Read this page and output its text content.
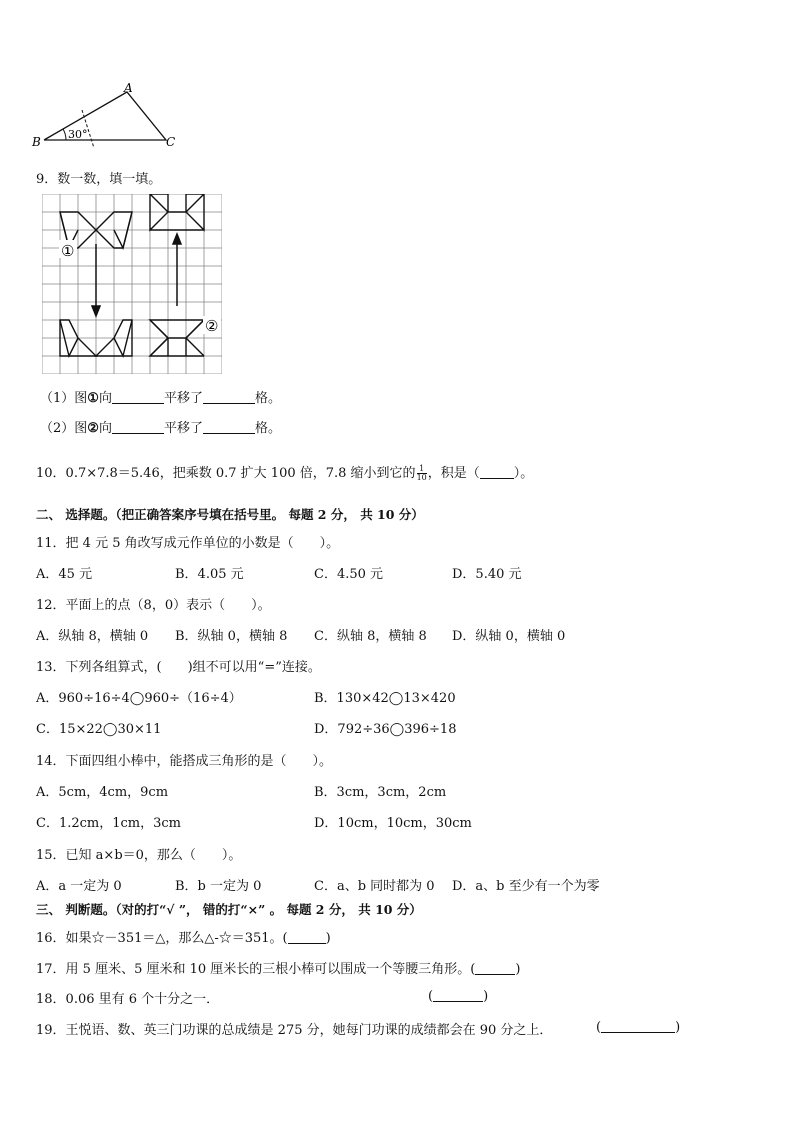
A
B	C
30°
9．数一数，填一填。
①
②
（1）图①向	平移了	格。
（2）图②向	平移了	格。
10．0.7×7.8＝5.46，把乘数 0.7 扩大 100 倍，7.8 缩小到它的 $\frac{1}{10}$ ，积是（	）。
二、 选择题。（把正确答案序号填在括号里。 每题 2 分， 共 10 分）
11．把 4 元 5 角改写成元作单位的小数是（　　）。
A．45 元	B．4.05 元	C．4.50 元	D．5.40 元
12．平面上的点（8，0）表示（　　）。
A．纵轴 8，横轴 0 B．纵轴 0，横轴 8 C．纵轴 8，横轴 8 D．纵轴 0，横轴 0
13．下列各组算式，(　　)组不可以用“=”连接。
A．960÷16÷4◯960÷（16÷4）	B．130×42◯13×420
C．15×22◯30×11	D．792÷36◯396÷18
14．下面四组小棒中，能搭成三角形的是（　　）。
A．5cm，4cm，9cm	B．3cm，3cm，2cm
C．1.2cm，1cm，3cm	D．10cm，10cm，30cm
15．已知 a×b＝0，那么（　　）。
A．a 一定为 0	B．b 一定为 0	C．a、b 同时都为 0 D．a、b 至少有一个为零
三、 判断题。（对的打“√ ”， 错的打“×” 。 每题 2 分， 共 10 分）
16．如果☆－351＝△，那么△-☆＝351。(	)
17．用 5 厘米、5 厘米和 10 厘米长的三根小棒可以围成一个等腰三角形。(	)
18．0.06 里有 6 个十分之一．	(	)
19．王悦语、数、英三门功课的总成绩是 275 分，她每门功课的成绩都会在 90 分之上．	(	)
